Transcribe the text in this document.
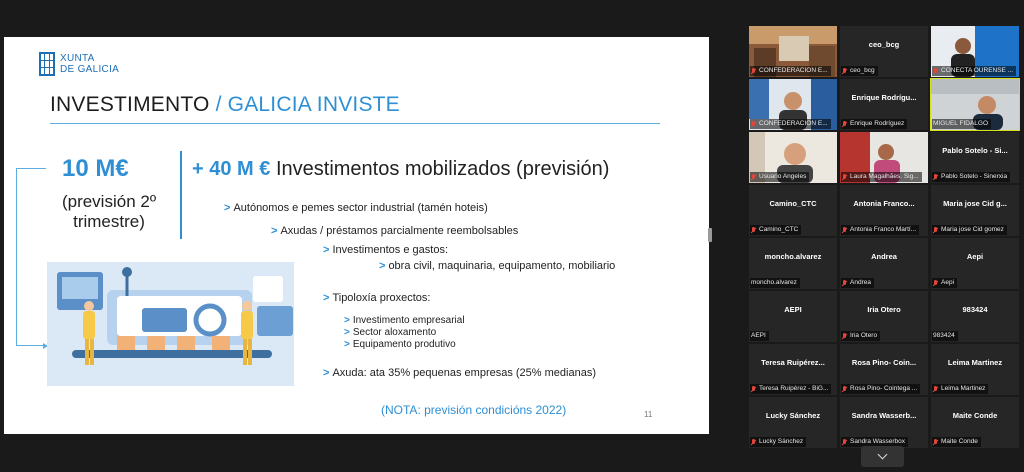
XUNTA
DE GALICIA
INVESTIMENTO / GALICIA INVISTE
10 M€
(previsión 2º trimestre)
+ 40 M € Investimentos mobilizados (previsión)
> Autónomos e pemes sector industrial (tamén hoteis)
> Axudas / préstamos parcialmente reembolsables
> Investimentos e gastos:
> obra civil, maquinaria, equipamento, mobiliario
> Tipoloxía proxectos:
> Investimento empresarial
> Sector aloxamento
> Equipamento produtivo
> Axuda: ata 35% pequenas empresas (25% medianas)
(NOTA: previsión condicións 2022)	11
CONFEDERACION E...
ceo_bcg
ceo_bcg	CONECTA OURENSE ...
CONFEDERACION E...
Enrique Rodrígu...
Enrique Rodríguez	MIGUEL FIDALGO
Usuario Angeles	Laura Magalhães. Sig...
Pablo Sotelo - Si...
Pablo Sotelo - Sinerxia
Camino_CTC
Camino_CTC
Antonia Franco...
Antonia Franco Martí...
Maria jose Cid g...
Maria jose Cid gomez
moncho.alvarez
moncho.alvarez
Andrea
Andrea
Aepi
Aepi
AEPI
AEPI
Iria Otero
Iria Otero
983424
983424
Teresa Ruipérez...
Teresa Ruipérez - BiG...
Rosa Pino- Coin...
Rosa Pino- Cointega ...
Leima Martinez
Leima Martinez
Lucky Sánchez
Lucky Sánchez
Sandra Wasserb...
Sandra Wasserbox
Maite Conde
Maite Conde
